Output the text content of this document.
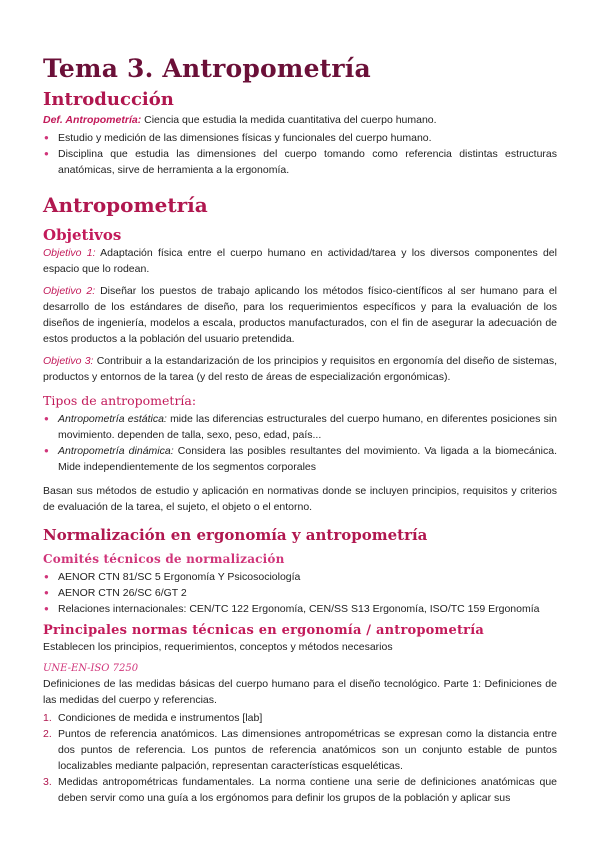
Tema 3. Antropometría
Introducción

Def. Antropometría: Ciencia que estudia la medida cuantitativa del cuerpo humano.

● Estudio y medición de las dimensiones físicas y funcionales del cuerpo humano.
● Disciplina que estudia las dimensiones del cuerpo tomando como referencia distintas estructuras anatómicas, sirve de herramienta a la ergonomía.
Antropometría
Objetivos

Objetivo 1: Adaptación física entre el cuerpo humano en actividad/tarea y los diversos componentes del espacio que lo rodean.

Objetivo 2: Diseñar los puestos de trabajo aplicando los métodos físico-científicos al ser humano para el desarrollo de los estándares de diseño, para los requerimientos específicos y para la evaluación de los diseños de ingeniería, modelos a escala, productos manufacturados, con el fin de asegurar la adecuación de estos productos a la población del usuario pretendida.

Objetivo 3: Contribuir a la estandarización de los principios y requisitos en ergonomía del diseño de sistemas, productos y entornos de la tarea (y del resto de áreas de especialización ergonómicas).

Tipos de antropometría:
● Antropometría estática: mide las diferencias estructurales del cuerpo humano, en diferentes posiciones sin movimiento. dependen de talla, sexo, peso, edad, país...
● Antropometría dinámica: Considera las posibles resultantes del movimiento. Va ligada a la biomecánica. Mide independientemente de los segmentos corporales

Basan sus métodos de estudio y aplicación en normativas donde se incluyen principios, requisitos y criterios de evaluación de la tarea, el sujeto, el objeto o el entorno.

Normalización en ergonomía y antropometría
Comités técnicos de normalización
● AENOR CTN 81/SC 5 Ergonomía Y Psicosociología
● AENOR CTN 26/SC 6/GT 2
● Relaciones internacionales: CEN/TC 122 Ergonomía, CEN/SS S13 Ergonomía, ISO/TC 159 Ergonomía
Principales normas técnicas en ergonomía / antropometría

Establecen los principios, requerimientos, conceptos y métodos necesarios

UNE-EN-ISO 7250

Definiciones de las medidas básicas del cuerpo humano para el diseño tecnológico. Parte 1: Definiciones de las medidas del cuerpo y referencias.

1. Condiciones de medida e instrumentos [lab]
2. Puntos de referencia anatómicos. Las dimensiones antropométricas se expresan como la distancia entre dos puntos de referencia. Los puntos de referencia anatómicos son un conjunto estable de puntos localizables mediante palpación, representan características esqueléticas.
3. Medidas antropométricas fundamentales. La norma contiene una serie de definiciones anatómicas que deben servir como una guía a los ergónomos para definir los grupos de la población y aplicar sus
